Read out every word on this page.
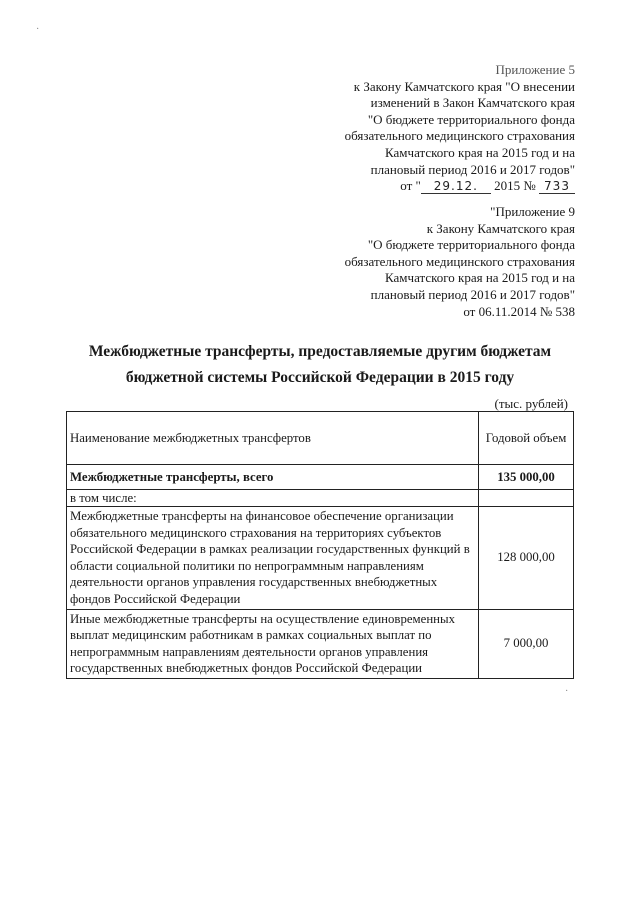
·
Приложение 5
к Закону Камчатского края "О внесении
изменений в Закон Камчатского края
"О бюджете территориального фонда
обязательного медицинского страхования
Камчатского края на 2015 год и на
плановый период 2016 и 2017 годов"
от " 29.12. 2015 № 733
"Приложение 9
к Закону Камчатского края
"О бюджете территориального фонда
обязательного медицинского страхования
Камчатского края на 2015 год и на
плановый период 2016 и 2017 годов"
от 06.11.2014 № 538
Межбюджетные трансферты, предоставляемые другим бюджетам
бюджетной системы Российской Федерации в 2015 году
(тыс. рублей)
Наименование межбюджетных трансфертов	Годовой объем
Межбюджетные трансферты, всего	135 000,00
в том числе:	
Межбюджетные трансферты на финансовое обеспечение организации обязательного медицинского страхования на территориях субъектов Российской Федерации в рамках реализации государственных функций в области социальной политики по непрограммным направлениям деятельности органов управления государственных внебюджетных фондов Российской Федерации	128 000,00
Иные межбюджетные трансферты на осуществление единовременных выплат медицинским работникам в рамках социальных выплат по непрограммным направлениям деятельности органов управления государственных внебюджетных фондов Российской Федерации	7 000,00
·
